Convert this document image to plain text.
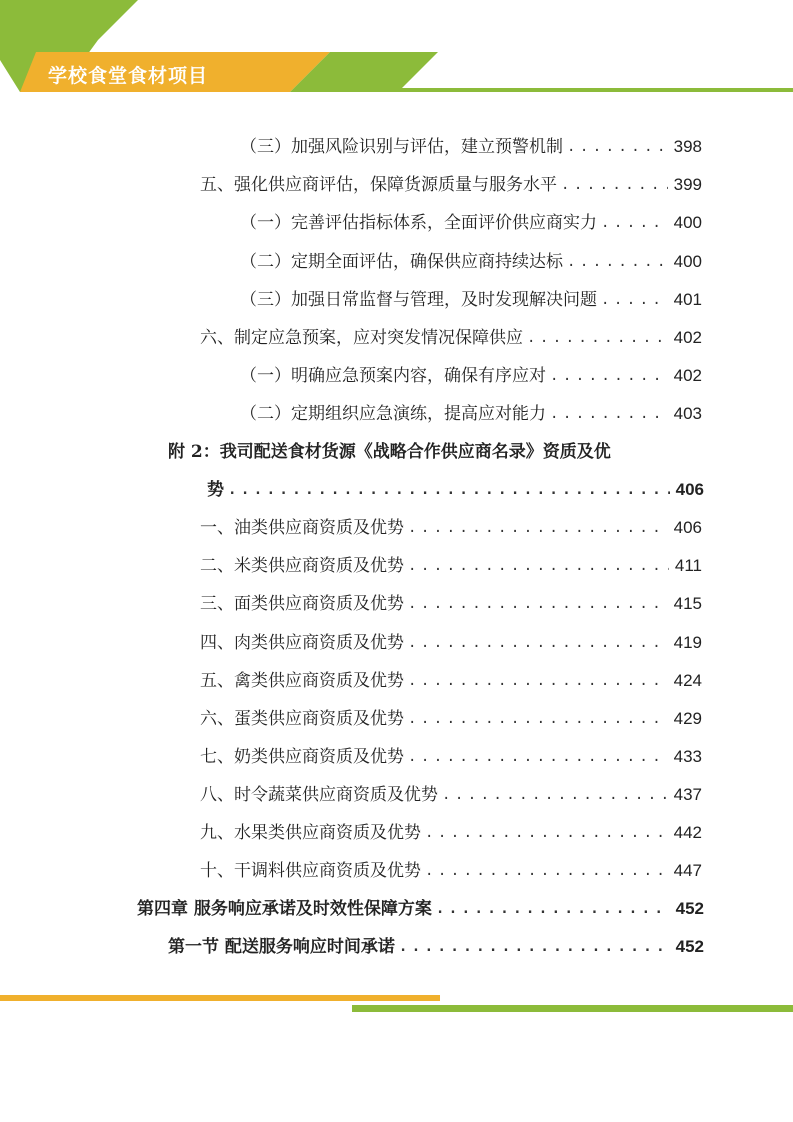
学校食堂食材项目
（三）加强风险识别与评估，建立预警机制 . . .	398
五、强化供应商评估，保障货源质量与服务水平 . . .	399
（一）完善评估指标体系，全面评价供应商实力 . . .	400
（二）定期全面评估，确保供应商持续达标 . . .	400
（三）加强日常监督与管理，及时发现解决问题 . . .	401
六、制定应急预案，应对突发情况保障供应 . . .	402
（一）明确应急预案内容，确保有序应对 . . .	402
（二）定期组织应急演练，提高应对能力 . . .	403
附 2：我司配送食材货源《战略合作供应商名录》资质及优
势 . . .	406
一、油类供应商资质及优势 . . .	406
二、米类供应商资质及优势 . . .	411
三、面类供应商资质及优势 . . .	415
四、肉类供应商资质及优势 . . .	419
五、禽类供应商资质及优势 . . .	424
六、蛋类供应商资质及优势 . . .	429
七、奶类供应商资质及优势 . . .	433
八、时令蔬菜供应商资质及优势 . . .	437
九、水果类供应商资质及优势 . . .	442
十、干调料供应商资质及优势 . . .	447
第四章 服务响应承诺及时效性保障方案 . . .	452
第一节 配送服务响应时间承诺 . . .	452
